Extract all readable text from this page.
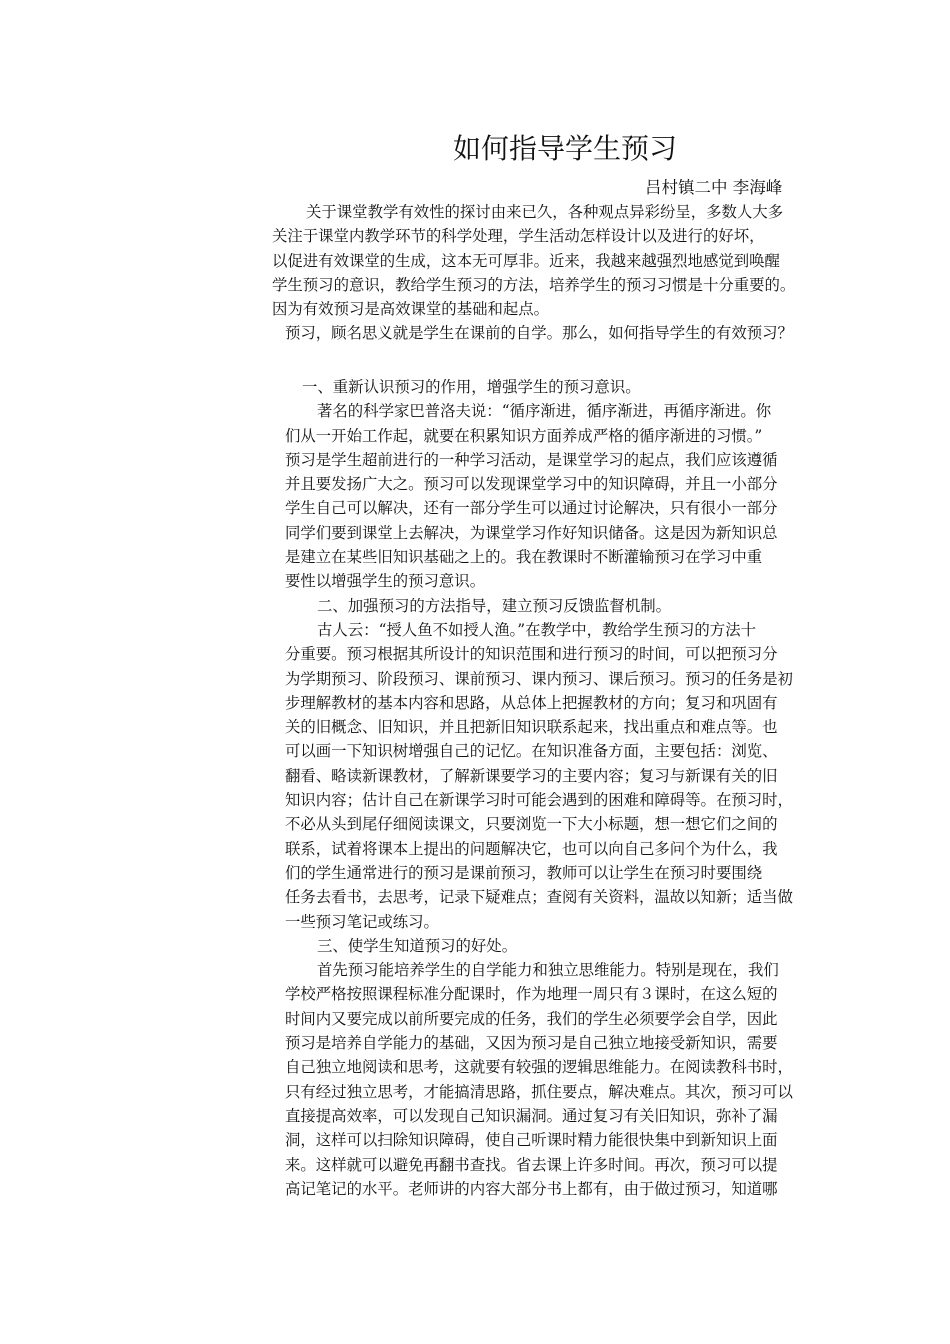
如何指导学生预习
吕村镇二中 李海峰
关于课堂教学有效性的探讨由来已久，各种观点异彩纷呈，多数人大多
关注于课堂内教学环节的科学处理，学生活动怎样设计以及进行的好坏，
以促进有效课堂的生成，这本无可厚非。近来，我越来越强烈地感觉到唤醒
学生预习的意识，教给学生预习的方法，培养学生的预习习惯是十分重要的。
因为有效预习是高效课堂的基础和起点。
预习，顾名思义就是学生在课前的自学。那么，如何指导学生的有效预习？
一、重新认识预习的作用，增强学生的预习意识。
著名的科学家巴普洛夫说：“循序渐进，循序渐进，再循序渐进。你
们从一开始工作起，就要在积累知识方面养成严格的循序渐进的习惯。”
预习是学生超前进行的一种学习活动，是课堂学习的起点，我们应该遵循
并且要发扬广大之。预习可以发现课堂学习中的知识障碍，并且一小部分
学生自己可以解决，还有一部分学生可以通过讨论解决，只有很小一部分
同学们要到课堂上去解决，为课堂学习作好知识储备。这是因为新知识总
是建立在某些旧知识基础之上的。我在教课时不断灌输预习在学习中重
要性以增强学生的预习意识。
二、加强预习的方法指导，建立预习反馈监督机制。
古人云：“授人鱼不如授人渔。”在教学中，教给学生预习的方法十
分重要。预习根据其所设计的知识范围和进行预习的时间，可以把预习分
为学期预习、阶段预习、课前预习、课内预习、课后预习。预习的任务是初
步理解教材的基本内容和思路，从总体上把握教材的方向；复习和巩固有
关的旧概念、旧知识，并且把新旧知识联系起来，找出重点和难点等。也
可以画一下知识树增强自己的记忆。在知识准备方面，主要包括：浏览、
翻看、略读新课教材，了解新课要学习的主要内容；复习与新课有关的旧
知识内容；估计自己在新课学习时可能会遇到的困难和障碍等。在预习时，
不必从头到尾仔细阅读课文，只要浏览一下大小标题，想一想它们之间的
联系，试着将课本上提出的问题解决它，也可以向自己多问个为什么，我
们的学生通常进行的预习是课前预习，教师可以让学生在预习时要围绕
任务去看书，去思考，记录下疑难点；查阅有关资料，温故以知新；适当做
一些预习笔记或练习。
三、使学生知道预习的好处。
首先预习能培养学生的自学能力和独立思维能力。特别是现在，我们
学校严格按照课程标准分配课时，作为地理一周只有３课时，在这么短的
时间内又要完成以前所要完成的任务，我们的学生必须要学会自学，因此
预习是培养自学能力的基础，又因为预习是自己独立地接受新知识，需要
自己独立地阅读和思考，这就要有较强的逻辑思维能力。在阅读教科书时，
只有经过独立思考，才能搞清思路，抓住要点，解决难点。其次，预习可以
直接提高效率，可以发现自己知识漏洞。通过复习有关旧知识，弥补了漏
洞，这样可以扫除知识障碍，使自己听课时精力能很快集中到新知识上面
来。这样就可以避免再翻书查找。省去课上许多时间。再次，预习可以提
高记笔记的水平。老师讲的内容大部分书上都有，由于做过预习，知道哪
